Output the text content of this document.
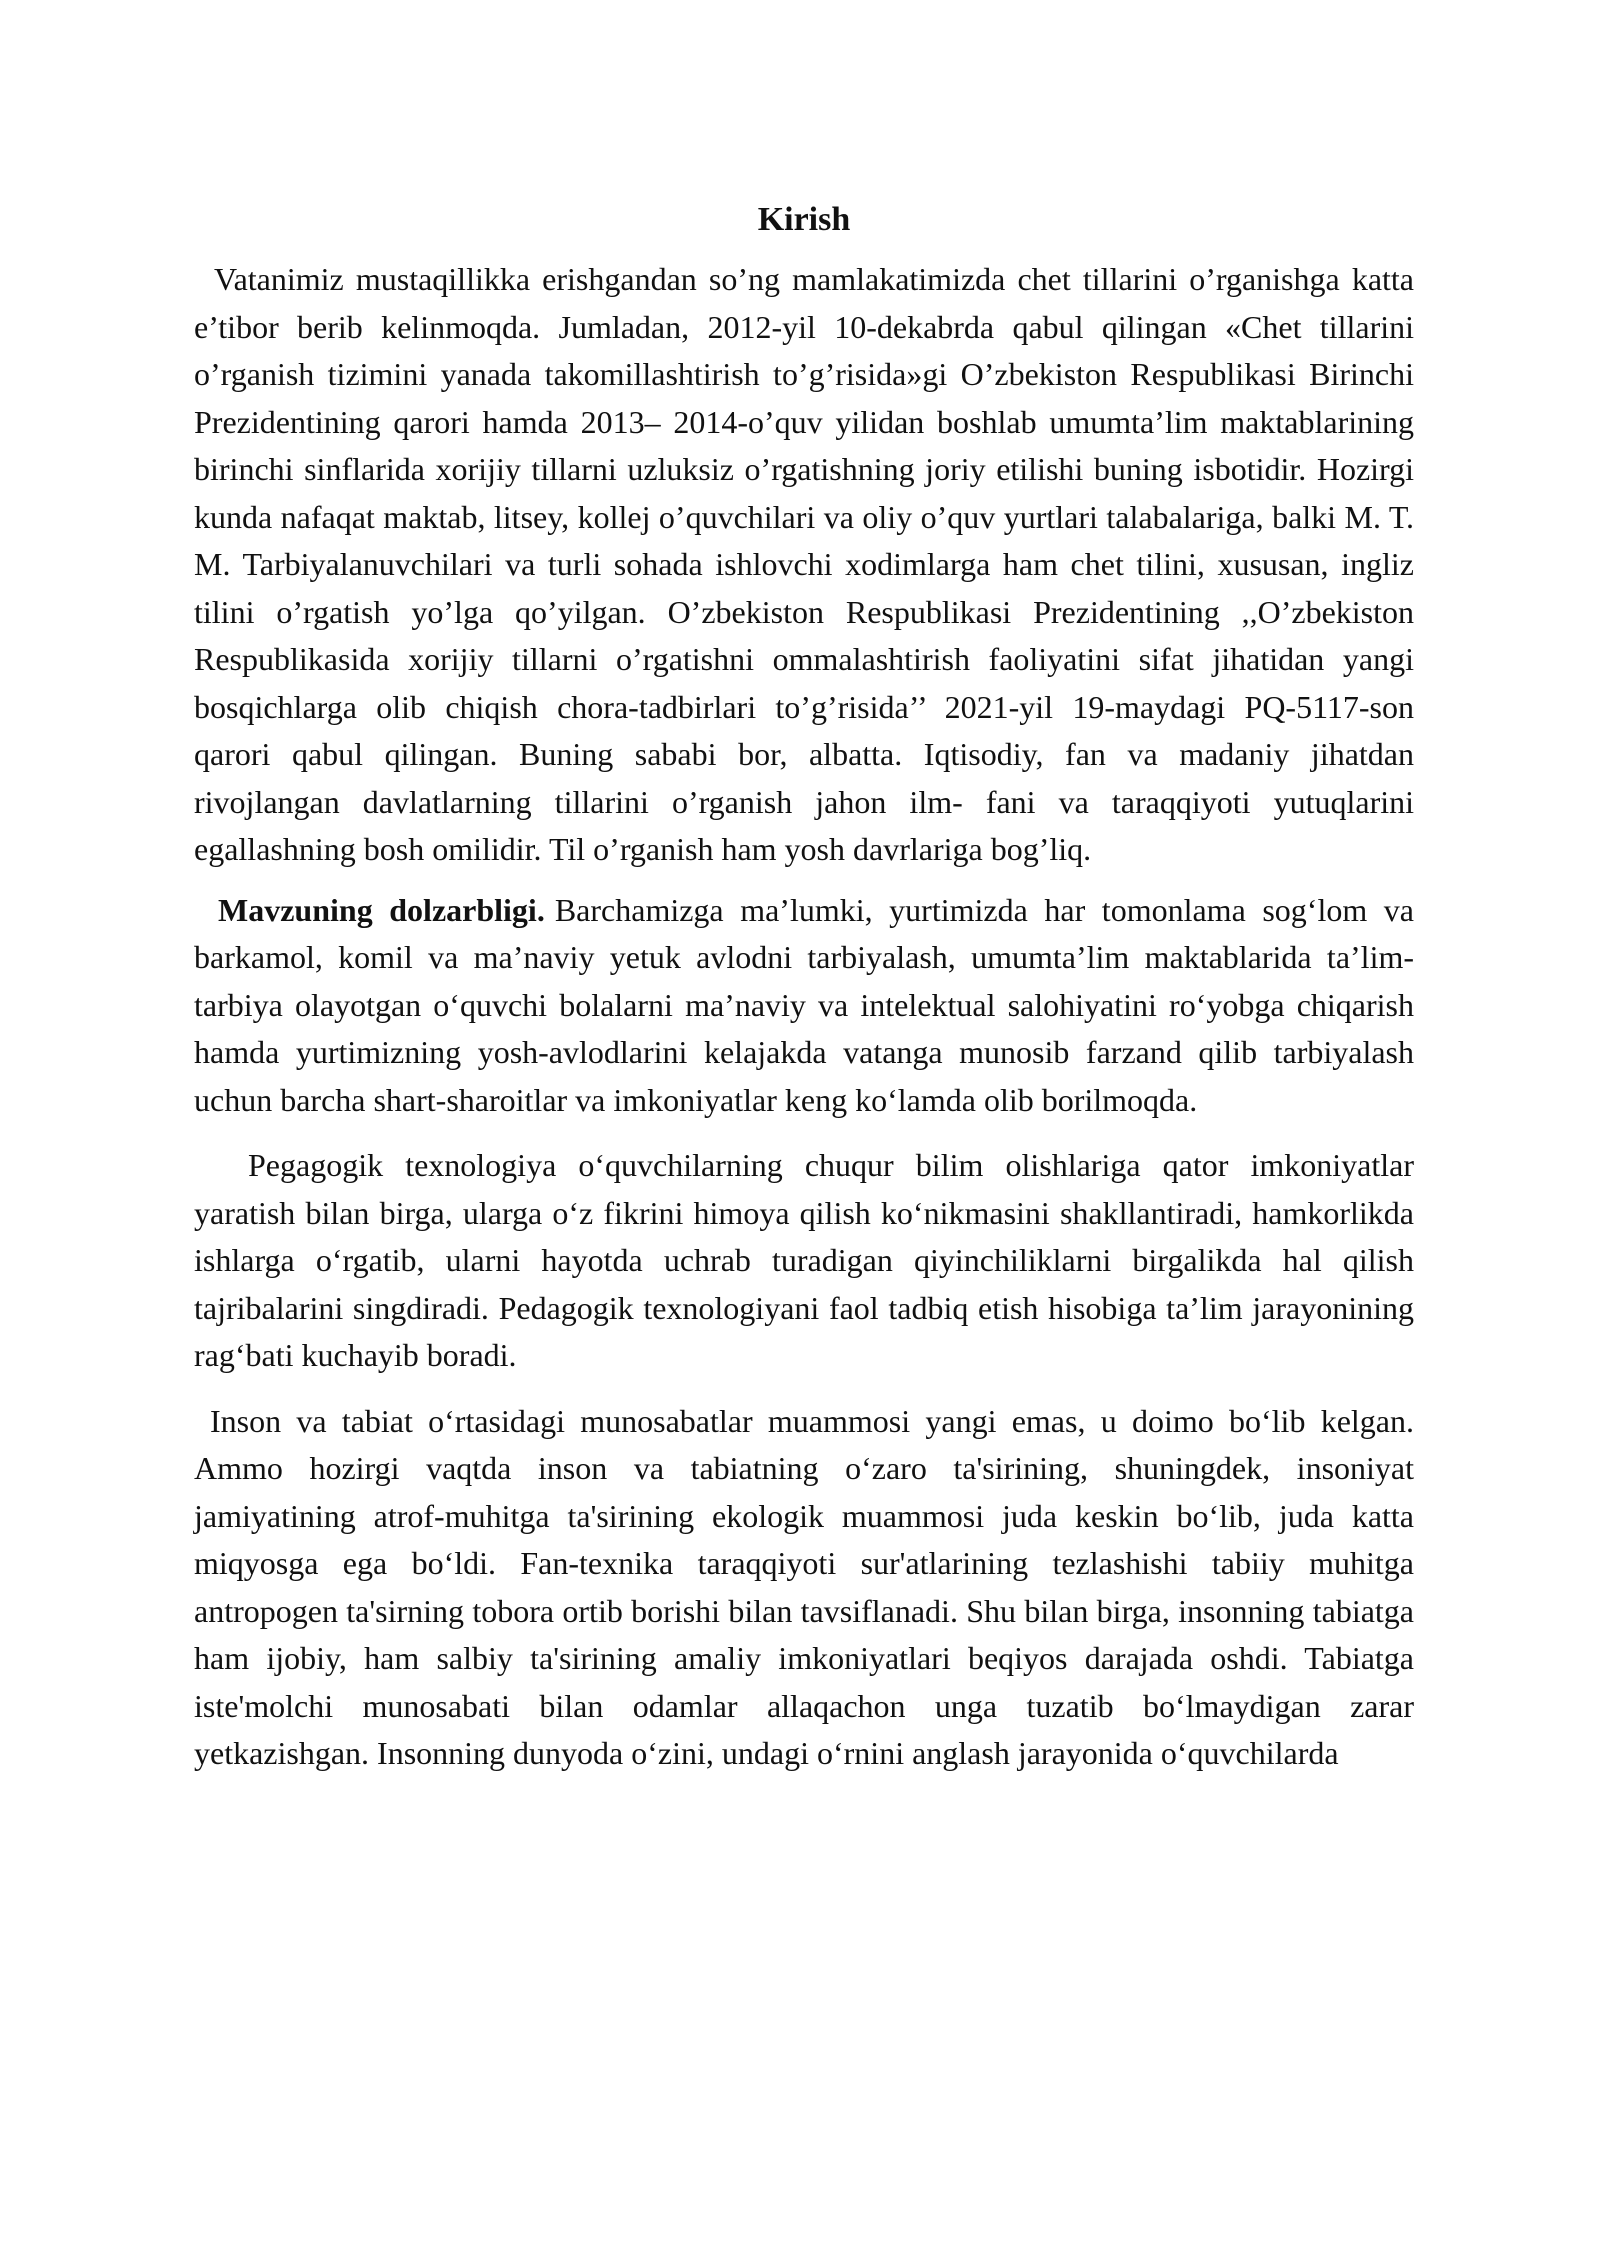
Kirish

Vatanimiz mustaqillikka erishgandan so’ng mamlakatimizda chet tillarini o’rganishga katta e’tibor berib kelinmoqda. Jumladan, 2012-yil 10-dekabrda qabul qilingan «Chet tillarini o’rganish tizimini yanada takomillashtirish to’g’risida»gi O’zbekiston Respublikasi Birinchi Prezidentining qarori hamda 2013– 2014-o’quv yilidan boshlab umumta’lim maktablarining birinchi sinflarida xorijiy tillarni uzluksiz o’rgatishning joriy etilishi buning isbotidir. Hozirgi kunda nafaqat maktab, litsey, kollej o’quvchilari va oliy o’quv yurtlari talabalariga, balki M. T. M. Tarbiyalanuvchilari va turli sohada ishlovchi xodimlarga ham chet tilini, xususan, ingliz tilini o’rgatish yo’lga qo’yilgan. O’zbekiston Respublikasi Prezidentining ,,O’zbekiston Respublikasida xorijiy tillarni o’rgatishni ommalashtirish faoliyatini sifat jihatidan yangi bosqichlarga olib chiqish chora-tadbirlari to’g’risida’’ 2021-yil 19-maydagi PQ-5117-son qarori qabul qilingan. Buning sababi bor, albatta. Iqtisodiy, fan va madaniy jihatdan rivojlangan davlatlarning tillarini o’rganish jahon ilm- fani va taraqqiyoti yutuqlarini egallashning bosh omilidir. Til o’rganish ham yosh davrlariga bog’liq.

Mavzuning dolzarbligi. Barchamizga ma’lumki, yurtimizda har tomonlama sog‘lom va barkamol, komil va ma’naviy yetuk avlodni tarbiyalash, umumta’lim maktablarida ta’lim-tarbiya olayotgan o‘quvchi bolalarni ma’naviy va intelektual salohiyatini ro‘yobga chiqarish hamda yurtimizning yosh-avlodlarini kelajakda vatanga munosib farzand qilib tarbiyalash uchun barcha shart-sharoitlar va imkoniyatlar keng ko‘lamda olib borilmoqda.

Pegagogik texnologiya o‘quvchilarning chuqur bilim olishlariga qator imkoniyatlar yaratish bilan birga, ularga o‘z fikrini himoya qilish ko‘nikmasini shakllantiradi, hamkorlikda ishlarga o‘rgatib, ularni hayotda uchrab turadigan qiyinchiliklarni birgalikda hal qilish tajribalarini singdiradi. Pedagogik texnologiyani faol tadbiq etish hisobiga ta’lim jarayonining rag‘bati kuchayib boradi.

Inson va tabiat o‘rtasidagi munosabatlar muammosi yangi emas, u doimo bo‘lib kelgan. Ammo hozirgi vaqtda inson va tabiatning o‘zaro ta'sirining, shuningdek, insoniyat jamiyatining atrof-muhitga ta'sirining ekologik muammosi juda keskin bo‘lib, juda katta miqyosga ega bo‘ldi. Fan-texnika taraqqiyoti sur'atlarining tezlashishi tabiiy muhitga antropogen ta'sirning tobora ortib borishi bilan tavsiflanadi. Shu bilan birga, insonning tabiatga ham ijobiy, ham salbiy ta'sirining amaliy imkoniyatlari beqiyos darajada oshdi. Tabiatga iste'molchi munosabati bilan odamlar allaqachon unga tuzatib bo‘lmaydigan zarar yetkazishgan. Insonning dunyoda o‘zini, undagi o‘rnini anglash jarayonida o‘quvchilarda
